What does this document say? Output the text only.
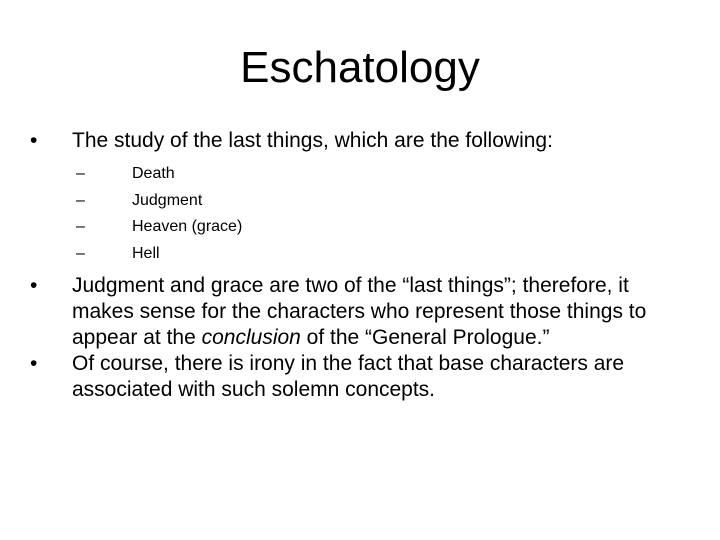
Eschatology
•	The study of the last things, which are the following:
–	Death
–	Judgment
–	Heaven (grace)
–	Hell
•	Judgment and grace are two of the “last things”; therefore, it makes sense for the characters who represent those things to appear at the conclusion of the “General Prologue.”
•	Of course, there is irony in the fact that base characters are associated with such solemn concepts.
